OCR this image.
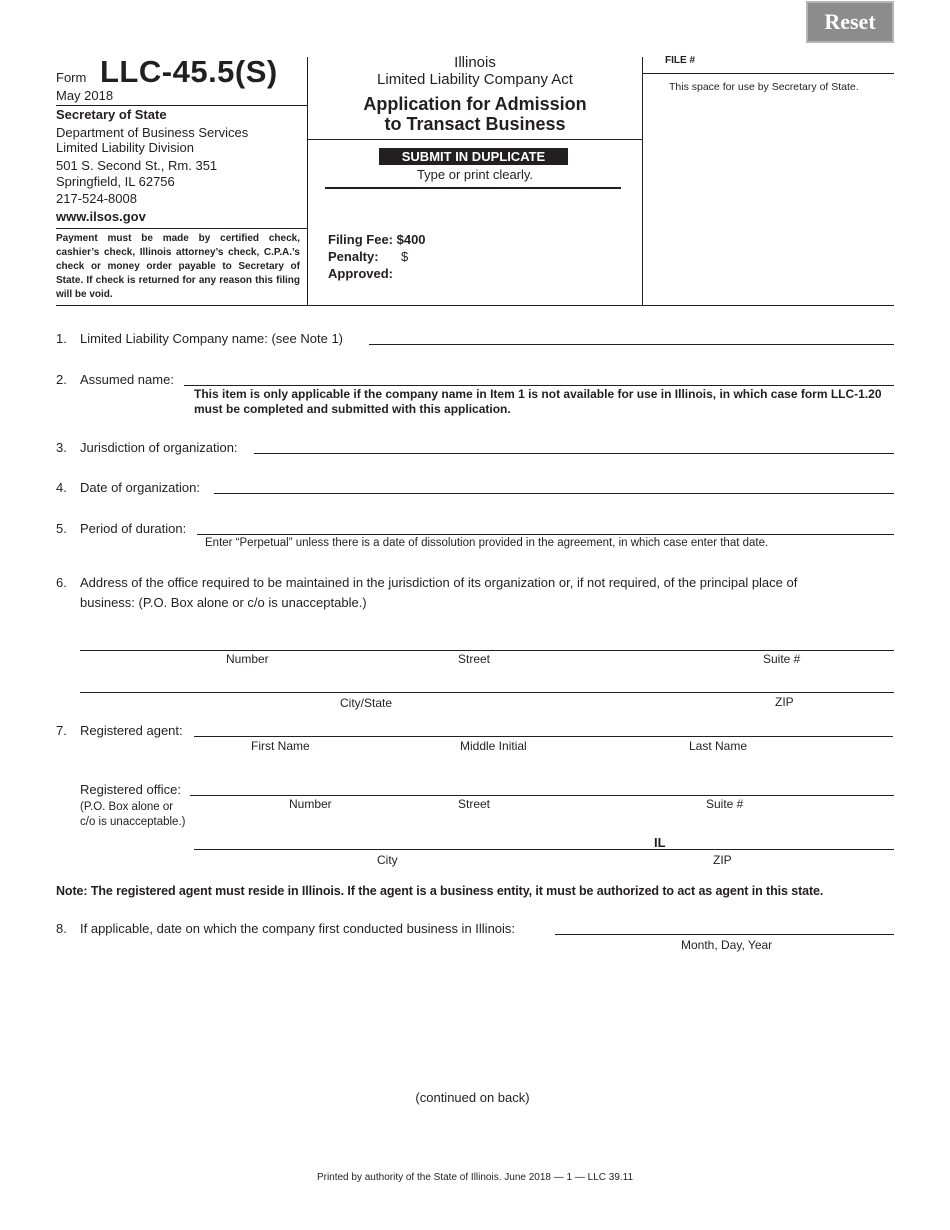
Reset
Form LLC-45.5(S)
May 2018
Secretary of State
Department of Business Services
Limited Liability Division
501 S. Second St., Rm. 351
Springfield, IL 62756
217-524-8008
www.ilsos.gov
Payment must be made by certified check, cashier’s check, Illinois attorney’s check, C.P.A.’s check or money order payable to Secretary of State. If check is returned for any reason this filing will be void.
Illinois
Limited Liability Company Act
Application for Admission
to Transact Business
SUBMIT IN DUPLICATE
Type or print clearly.
Filing Fee: $400
Penalty: $
Approved:
FILE #
This space for use by Secretary of State.
1. Limited Liability Company name: (see Note 1)
2. Assumed name:
This item is only applicable if the company name in Item 1 is not available for use in Illinois, in which case form LLC-1.20 must be completed and submitted with this application.
3. Jurisdiction of organization:
4. Date of organization:
5. Period of duration:
Enter “Perpetual” unless there is a date of dissolution provided in the agreement, in which case enter that date.
6. Address of the office required to be maintained in the jurisdiction of its organization or, if not required, of the principal place of
business: (P.O. Box alone or c/o is unacceptable.)
Number	Street	Suite #
City/State	ZIP
7. Registered agent:
First Name	Middle Initial	Last Name
Registered office:
(P.O. Box alone or
c/o is unacceptable.)
Number	Street	Suite #
IL
City	ZIP
Note: The registered agent must reside in Illinois. If the agent is a business entity, it must be authorized to act as agent in this state.
8. If applicable, date on which the company first conducted business in Illinois:
Month, Day, Year
(continued on back)
Printed by authority of the State of Illinois. June 2018 — 1 — LLC 39.11
